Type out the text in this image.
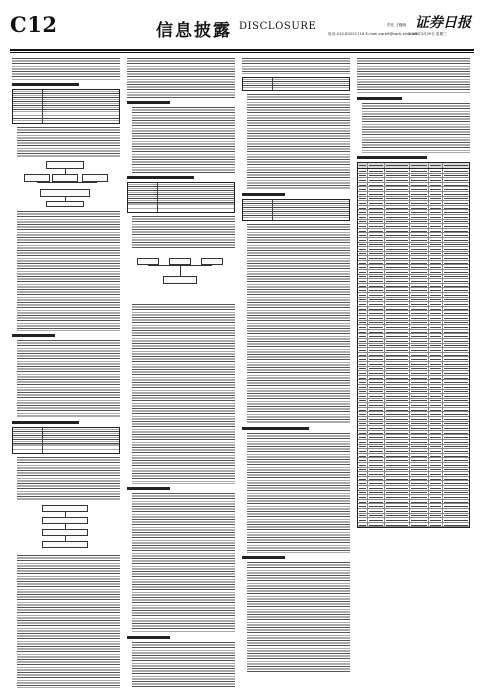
C12	信息披露 DISCLOSURE	责任 王晓晓 证券日报
电话:010-83251716 E-mail:zqrb9@zqrb.sina.net
2023年3月29日 星期三
